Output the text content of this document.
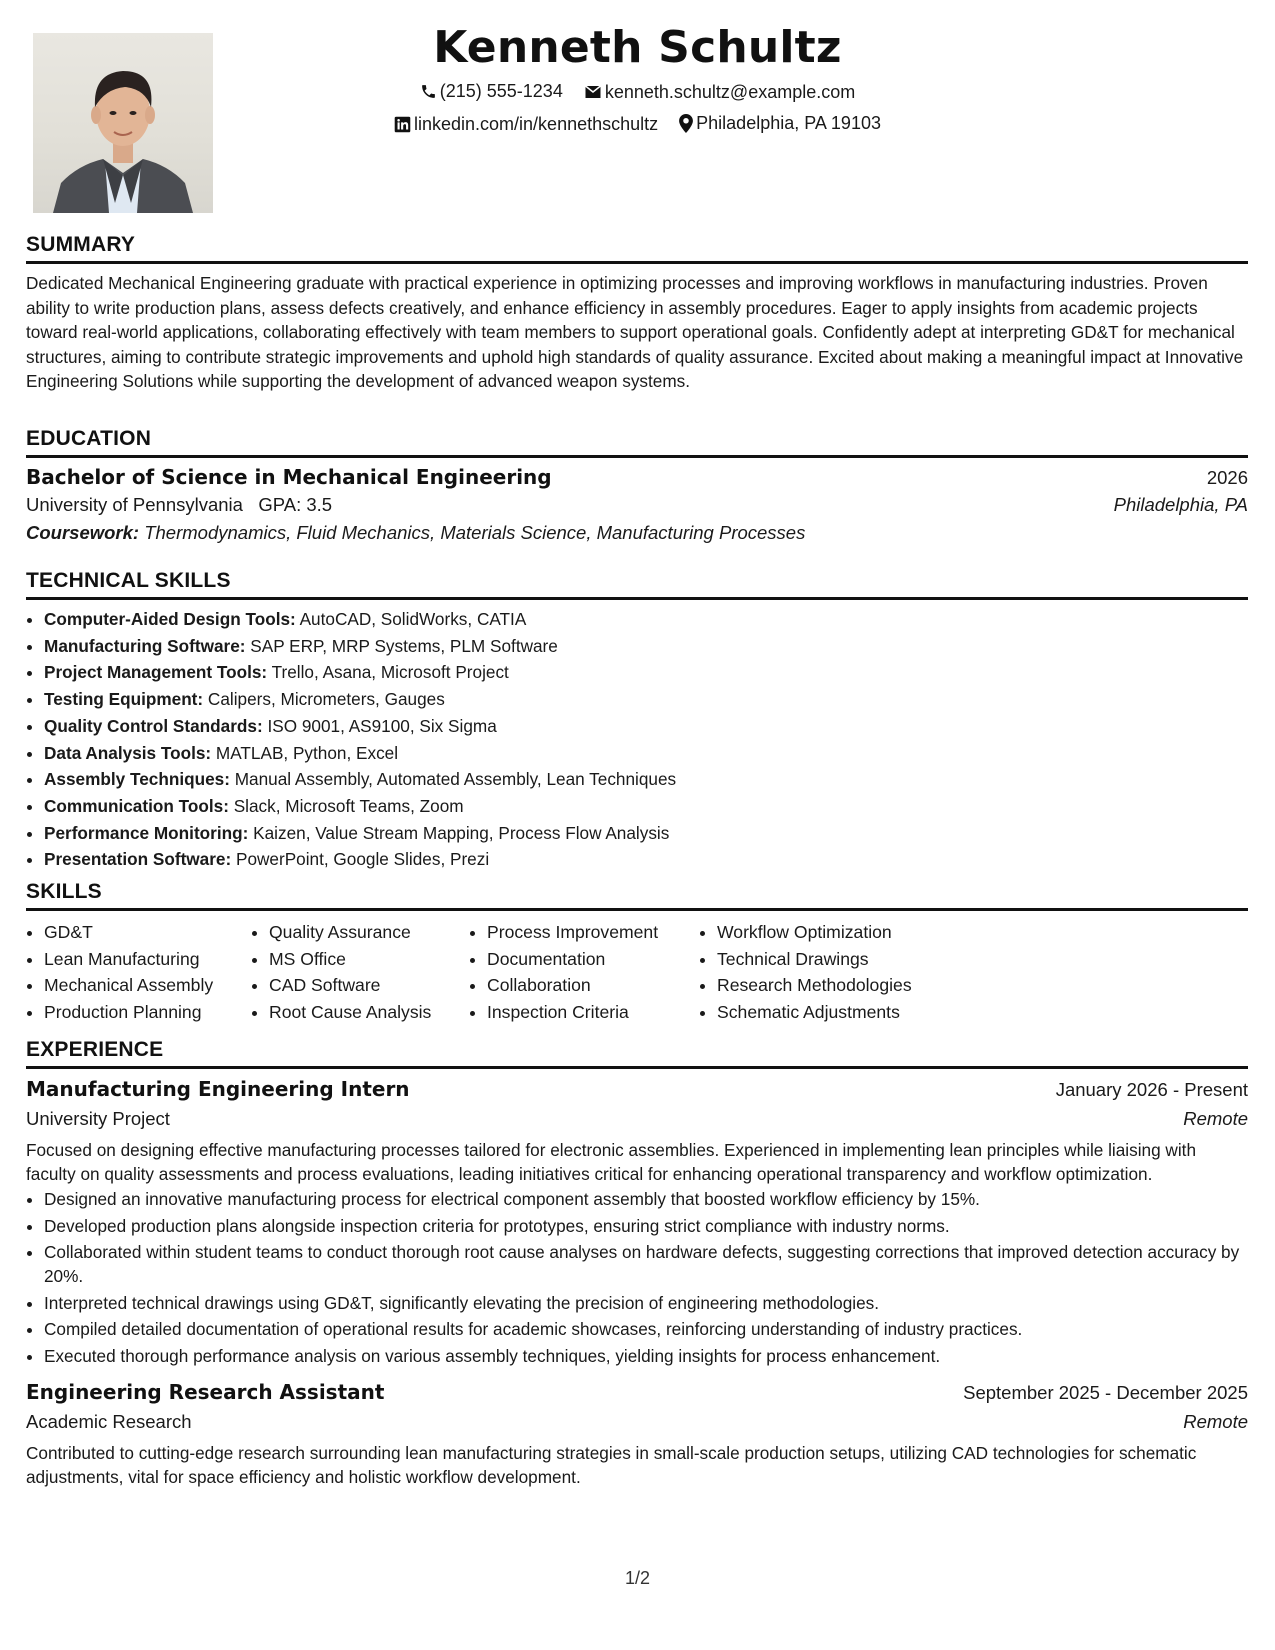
Kenneth Schultz
(215) 555-1234
kenneth.schultz@example.com
linkedin.com/in/kennethschultz
Philadelphia, PA 19103
SUMMARY
Dedicated Mechanical Engineering graduate with practical experience in optimizing processes and improving workflows in manufacturing industries. Proven ability to write production plans, assess defects creatively, and enhance efficiency in assembly procedures. Eager to apply insights from academic projects toward real-world applications, collaborating effectively with team members to support operational goals. Confidently adept at interpreting GD&T for mechanical structures, aiming to contribute strategic improvements and uphold high standards of quality assurance. Excited about making a meaningful impact at Innovative Engineering Solutions while supporting the development of advanced weapon systems.
EDUCATION
Bachelor of Science in Mechanical Engineering	2026
University of Pennsylvania GPA: 3.5	Philadelphia, PA
Coursework: Thermodynamics, Fluid Mechanics, Materials Science, Manufacturing Processes
TECHNICAL SKILLS
• Computer-Aided Design Tools: AutoCAD, SolidWorks, CATIA
• Manufacturing Software: SAP ERP, MRP Systems, PLM Software
• Project Management Tools: Trello, Asana, Microsoft Project
• Testing Equipment: Calipers, Micrometers, Gauges
• Quality Control Standards: ISO 9001, AS9100, Six Sigma
• Data Analysis Tools: MATLAB, Python, Excel
• Assembly Techniques: Manual Assembly, Automated Assembly, Lean Techniques
• Communication Tools: Slack, Microsoft Teams, Zoom
• Performance Monitoring: Kaizen, Value Stream Mapping, Process Flow Analysis
• Presentation Software: PowerPoint, Google Slides, Prezi
SKILLS
• GD&T
• Lean Manufacturing
• Mechanical Assembly
• Production Planning
• Quality Assurance
• MS Office
• CAD Software
• Root Cause Analysis
• Process Improvement
• Documentation
• Collaboration
• Inspection Criteria
• Workflow Optimization
• Technical Drawings
• Research Methodologies
• Schematic Adjustments
EXPERIENCE
Manufacturing Engineering Intern	January 2026 - Present
University Project	Remote
Focused on designing effective manufacturing processes tailored for electronic assemblies. Experienced in implementing lean principles while liaising with faculty on quality assessments and process evaluations, leading initiatives critical for enhancing operational transparency and workflow optimization.
• Designed an innovative manufacturing process for electrical component assembly that boosted workflow efficiency by 15%.
• Developed production plans alongside inspection criteria for prototypes, ensuring strict compliance with industry norms.
• Collaborated within student teams to conduct thorough root cause analyses on hardware defects, suggesting corrections that improved detection accuracy by 20%.
• Interpreted technical drawings using GD&T, significantly elevating the precision of engineering methodologies.
• Compiled detailed documentation of operational results for academic showcases, reinforcing understanding of industry practices.
• Executed thorough performance analysis on various assembly techniques, yielding insights for process enhancement.
Engineering Research Assistant	September 2025 - December 2025
Academic Research	Remote
Contributed to cutting-edge research surrounding lean manufacturing strategies in small-scale production setups, utilizing CAD technologies for schematic adjustments, vital for space efficiency and holistic workflow development.
1/2
